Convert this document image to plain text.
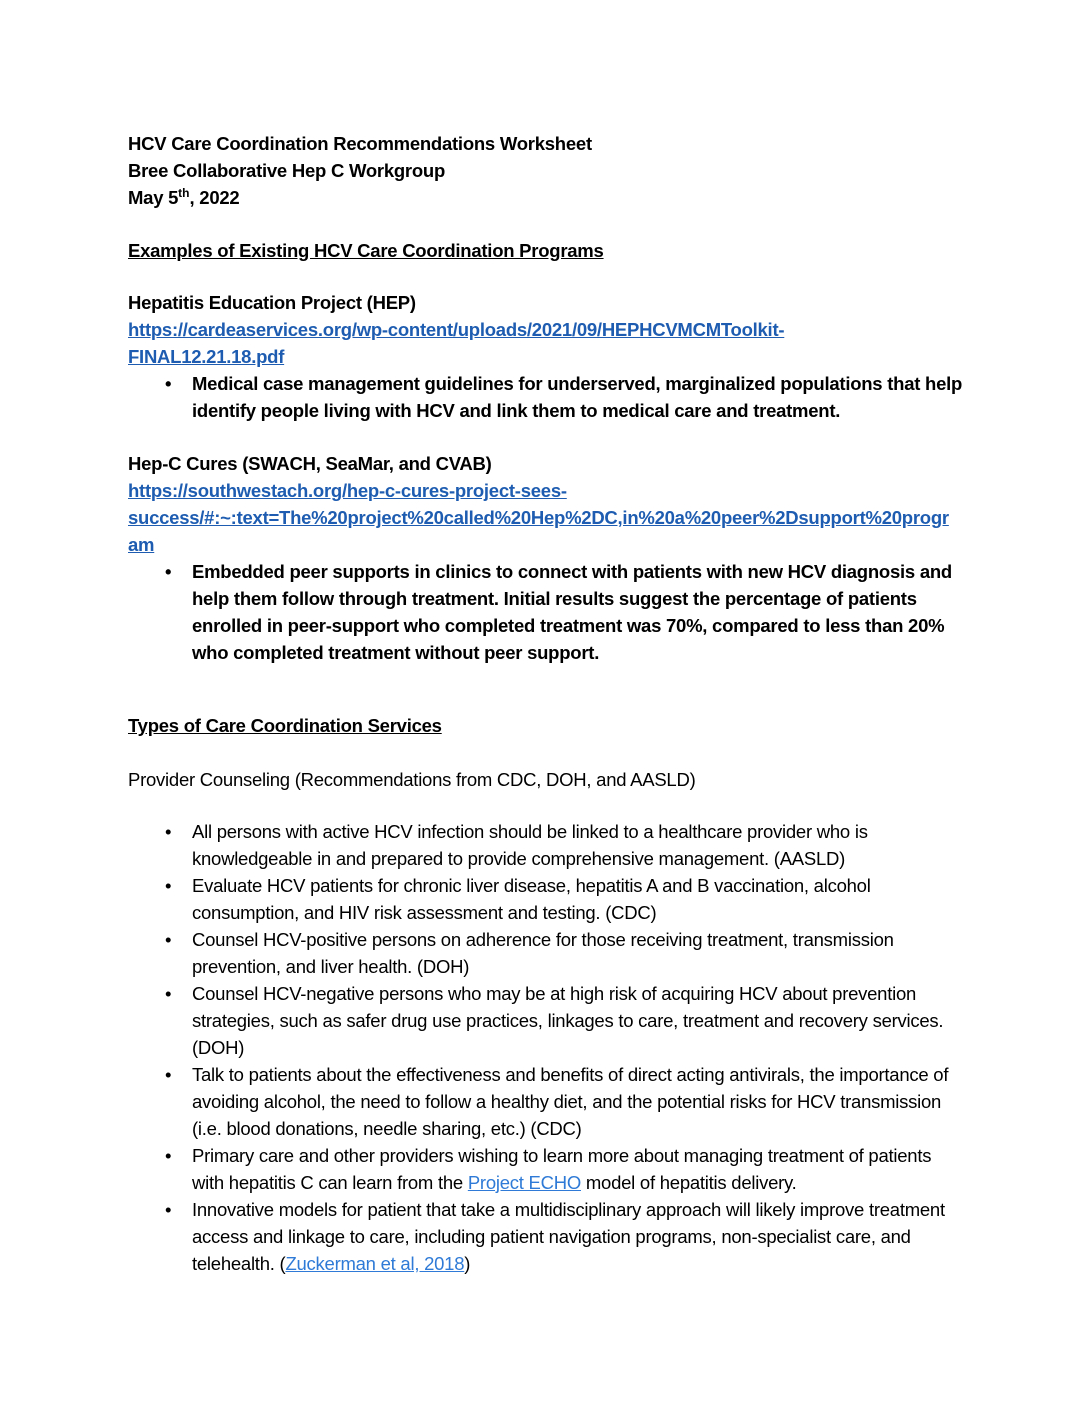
HCV Care Coordination Recommendations Worksheet
Bree Collaborative Hep C Workgroup
May 5th, 2022
Examples of Existing HCV Care Coordination Programs
Hepatitis Education Project (HEP)
https://cardeaservices.org/wp-content/uploads/2021/09/HEPHCVMCMToolkit-
FINAL12.21.18.pdf
• Medical case management guidelines for underserved, marginalized populations that help identify people living with HCV and link them to medical care and treatment.
Hep-C Cures (SWACH, SeaMar, and CVAB)
https://southwestach.org/hep-c-cures-project-sees-
success/#:~:text=The%20project%20called%20Hep%2DC,in%20a%20peer%2Dsupport%20progr
am
• Embedded peer supports in clinics to connect with patients with new HCV diagnosis and help them follow through treatment. Initial results suggest the percentage of patients enrolled in peer-support who completed treatment was 70%, compared to less than 20% who completed treatment without peer support.
Types of Care Coordination Services
Provider Counseling (Recommendations from CDC, DOH, and AASLD)
• All persons with active HCV infection should be linked to a healthcare provider who is knowledgeable in and prepared to provide comprehensive management. (AASLD)
• Evaluate HCV patients for chronic liver disease, hepatitis A and B vaccination, alcohol consumption, and HIV risk assessment and testing. (CDC)
• Counsel HCV-positive persons on adherence for those receiving treatment, transmission prevention, and liver health. (DOH)
• Counsel HCV-negative persons who may be at high risk of acquiring HCV about prevention strategies, such as safer drug use practices, linkages to care, treatment and recovery services. (DOH)
• Talk to patients about the effectiveness and benefits of direct acting antivirals, the importance of avoiding alcohol, the need to follow a healthy diet, and the potential risks for HCV transmission (i.e. blood donations, needle sharing, etc.) (CDC)
• Primary care and other providers wishing to learn more about managing treatment of patients with hepatitis C can learn from the Project ECHO model of hepatitis delivery.
• Innovative models for patient that take a multidisciplinary approach will likely improve treatment access and linkage to care, including patient navigation programs, non-specialist care, and telehealth. (Zuckerman et al, 2018)
